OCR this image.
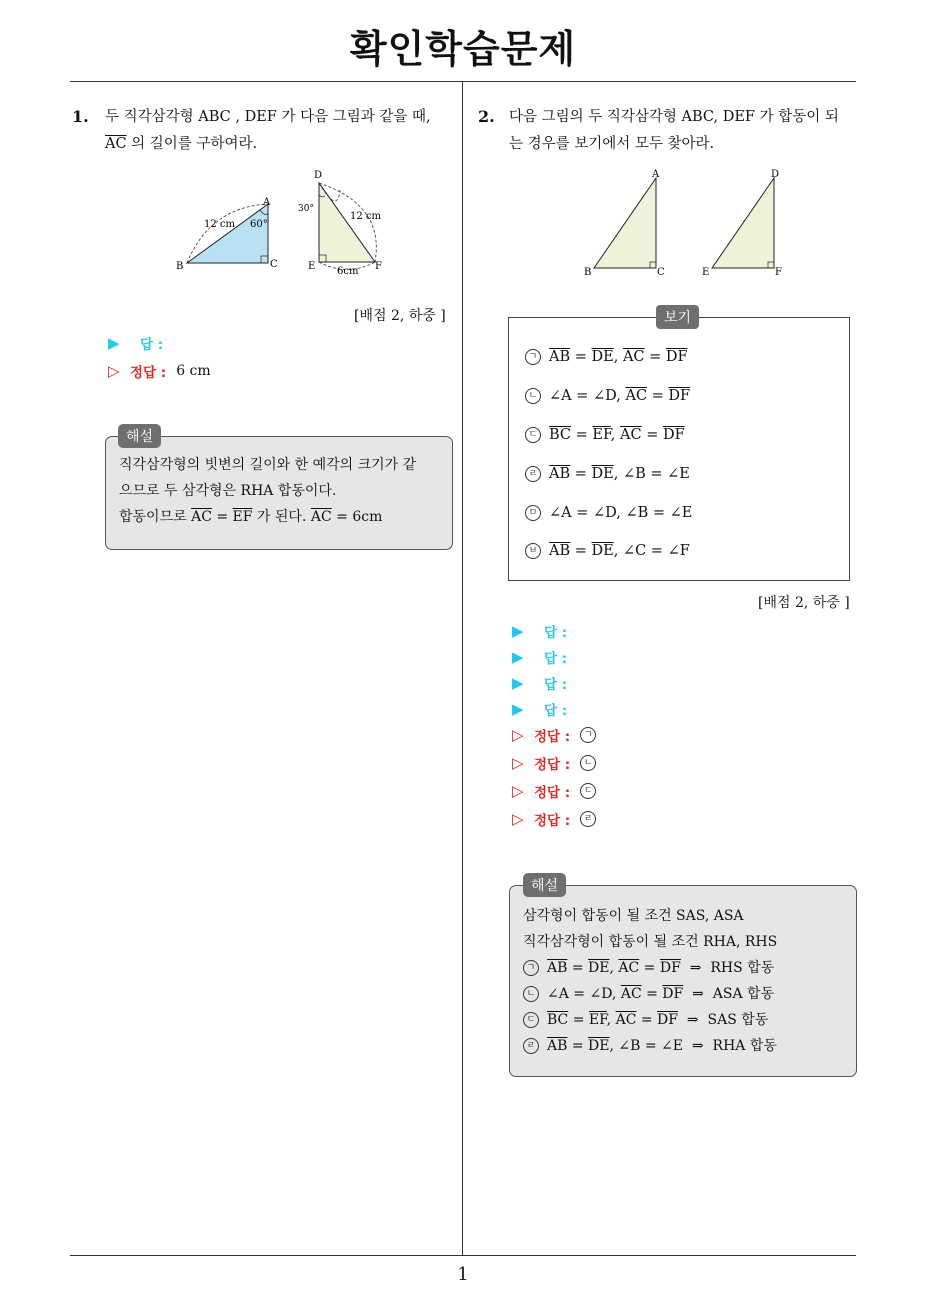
확인학습문제
1
1. 두 직각삼각형 ABC , DEF 가 다음 그림과 같을 때,
$\overline{AC}$ 의 길이를 구하여라.
A
B	C
12 cm 60°
D
E	F
30°
12 cm
6cm
[배점 2, 하중 ]
▶	답 :
▷ 정답 : 6 cm
직각삼각형의 빗변의 길이와 한 예각의 크기가 같
으므로 두 삼각형은 RHA 합동이다.
합동이므로 $\overline{AC} = \overline{EF}$ 가 된다. $\overline{AC} = 6cm$
해설
2. 다음 그림의 두 직각삼각형 ABC, DEF 가 합동이 되
는 경우를 보기에서 모두 찾아라.
A
B	C
D
E	F
보기
ㄱ $\overline{AB} = \overline{DE}$, $\overline{AC} = \overline{DF}$
ㄴ ∠A = ∠D, $\overline{AC} = \overline{DF}$
ㄷ $\overline{BC} = \overline{EF}$, $\overline{AC} = \overline{DF}$
ㄹ $\overline{AB} = \overline{DE}$, ∠B = ∠E
ㅁ ∠A = ∠D, ∠B = ∠E
ㅂ $\overline{AB} = \overline{DE}$, ∠C = ∠F
[배점 2, 하중 ]
▶	답 :
▶	답 :
▶	답 :
▶	답 :
▷ 정답 :	ㄱ
▷ 정답 :	ㄴ
▷ 정답 :	ㄷ
▷ 정답 :	ㄹ
삼각형이 합동이 될 조건 SAS, ASA
직각삼각형이 합동이 될 조건 RHA, RHS
ㄱ $\overline{AB} = \overline{DE}$, $\overline{AC} = \overline{DF}$  ⇒  RHS 합동
ㄴ ∠A = ∠D, $\overline{AC} = \overline{DF}$  ⇒  ASA 합동
ㄷ $\overline{BC} = \overline{EF}$, $\overline{AC} = \overline{DF}$  ⇒  SAS 합동
ㄹ $\overline{AB} = \overline{DE}$, ∠B = ∠E  ⇒  RHA 합동
해설
